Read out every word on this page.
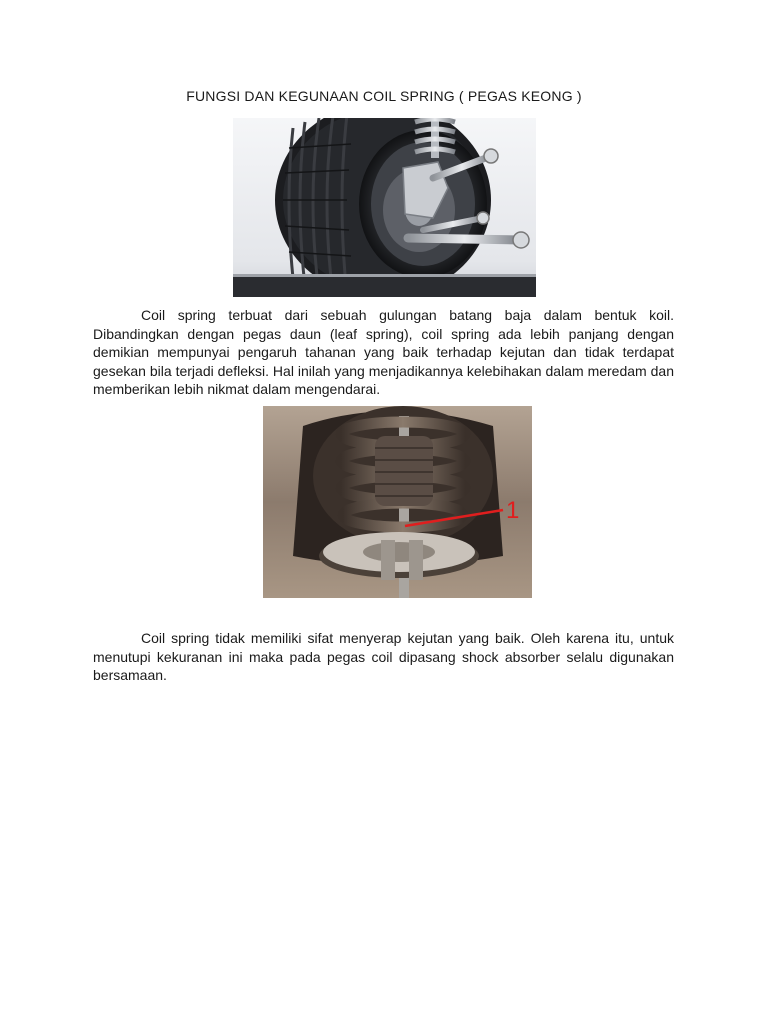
FUNGSI DAN KEGUNAAN COIL SPRING ( PEGAS KEONG )

Coil spring terbuat dari sebuah gulungan batang baja dalam bentuk koil. Dibandingkan dengan pegas daun (leaf spring), coil spring ada lebih panjang dengan demikian mempunyai pengaruh tahanan yang baik terhadap kejutan dan tidak terdapat gesekan bila terjadi defleksi. Hal inilah yang menjadikannya kelebihakan dalam meredam dan memberikan lebih nikmat dalam mengendarai.

1

Coil spring tidak memiliki sifat menyerap kejutan yang baik. Oleh karena itu, untuk menutupi kekuranan ini maka pada pegas coil dipasang shock absorber selalu digunakan bersamaan.
